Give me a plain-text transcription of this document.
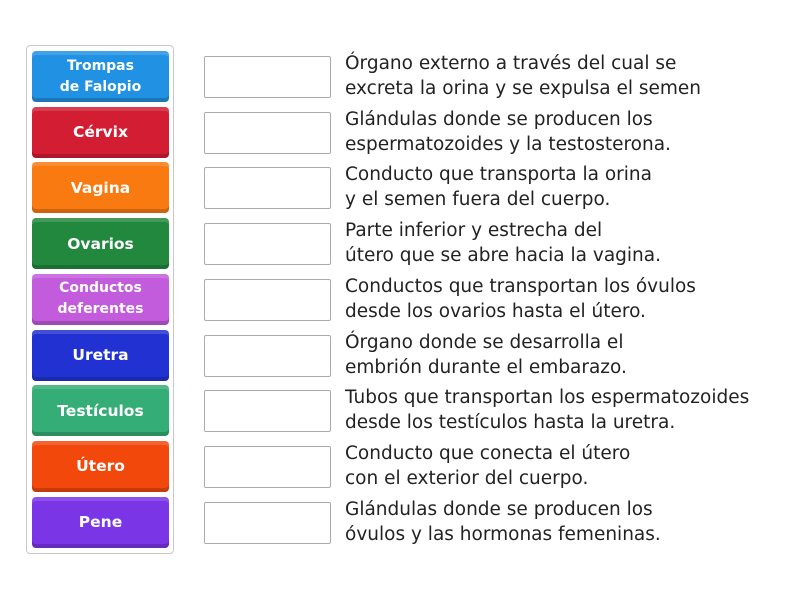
Trompas
de Falopio
Cérvix
Vagina
Ovarios
Conductos
deferentes
Uretra
Testículos
Útero
Pene
Órgano externo a través del cual se
excreta la orina y se expulsa el semen
Glándulas donde se producen los
espermatozoides y la testosterona.
Conducto que transporta la orina
y el semen fuera del cuerpo.
Parte inferior y estrecha del
útero que se abre hacia la vagina.
Conductos que transportan los óvulos
desde los ovarios hasta el útero.
Órgano donde se desarrolla el
embrión durante el embarazo.
Tubos que transportan los espermatozoides
desde los testículos hasta la uretra.
Conducto que conecta el útero
con el exterior del cuerpo.
Glándulas donde se producen los
óvulos y las hormonas femeninas.
